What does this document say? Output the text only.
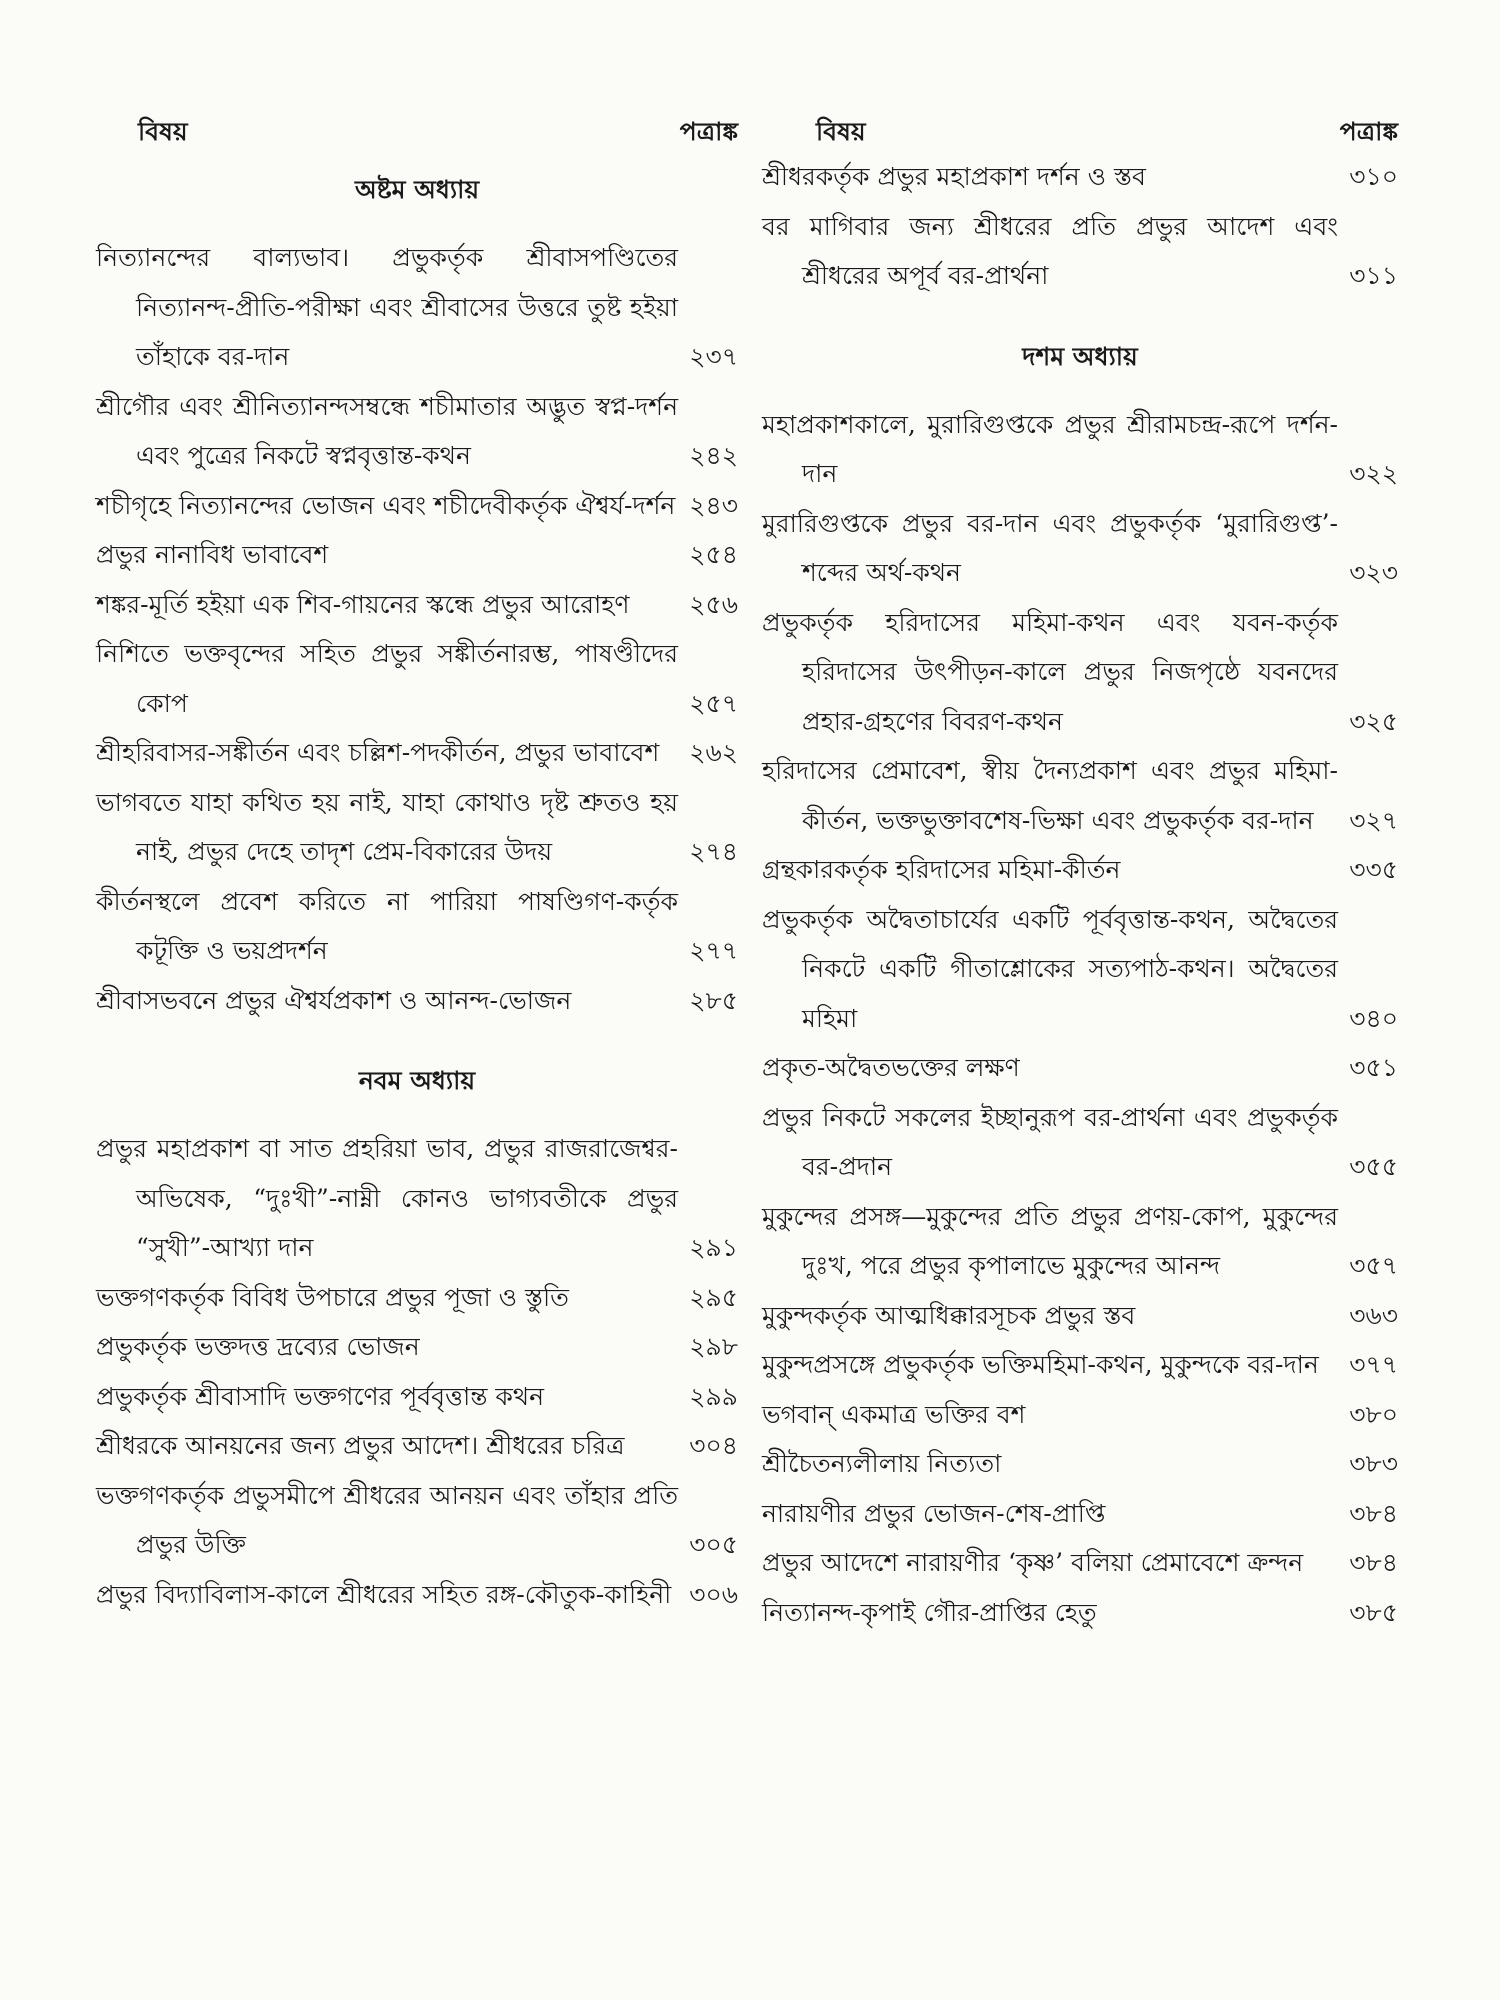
বিষয়	পত্রাঙ্ক
অষ্টম অধ্যায়
নিত্যানন্দের বাল্যভাব। প্রভুকর্তৃক শ্রীবাসপণ্ডিতের নিত্যানন্দ-প্রীতি-পরীক্ষা এবং শ্রীবাসের উত্তরে তুষ্ট হইয়া তাঁহাকে বর-দান	২৩৭
শ্রীগৌর এবং শ্রীনিত্যানন্দসম্বন্ধে শচীমাতার অদ্ভুত স্বপ্ন-দর্শন এবং পুত্রের নিকটে স্বপ্নবৃত্তান্ত-কথন	২৪২
শচীগৃহে নিত্যানন্দের ভোজন এবং শচীদেবীকর্তৃক ঐশ্বর্য-দর্শন ২৪৩
প্রভুর নানাবিধ ভাবাবেশ	২৫৪
শঙ্কর-মূর্তি হইয়া এক শিব-গায়নের স্কন্ধে প্রভুর আরোহণ	২৫৬
নিশিতে ভক্তবৃন্দের সহিত প্রভুর সঙ্কীর্তনারম্ভ, পাষণ্ডীদের কোপ	২৫৭
শ্রীহরিবাসর-সঙ্কীর্তন এবং চল্লিশ-পদকীর্তন, প্রভুর ভাবাবেশ	২৬২
ভাগবতে যাহা কথিত হয় নাই, যাহা কোথাও দৃষ্ট শ্রুতও হয় নাই, প্রভুর দেহে তাদৃশ প্রেম-বিকারের উদয়	২৭৪
কীর্তনস্থলে প্রবেশ করিতে না পারিয়া পাষণ্ডিগণ-কর্তৃক কটূক্তি ও ভয়প্রদর্শন	২৭৭
শ্রীবাসভবনে প্রভুর ঐশ্বর্যপ্রকাশ ও আনন্দ-ভোজন	২৮৫
নবম অধ্যায়
প্রভুর মহাপ্রকাশ বা সাত প্রহরিয়া ভাব, প্রভুর রাজরাজেশ্বর-অভিষেক, “দুঃখী”-নাম্নী কোনও ভাগ্যবতীকে প্রভুর “সুখী”-আখ্যা দান	২৯১
ভক্তগণকর্তৃক বিবিধ উপচারে প্রভুর পূজা ও স্তুতি	২৯৫
প্রভুকর্তৃক ভক্তদত্ত দ্রব্যের ভোজন	২৯৮
প্রভুকর্তৃক শ্রীবাসাদি ভক্তগণের পূর্ববৃত্তান্ত কথন	২৯৯
শ্রীধরকে আনয়নের জন্য প্রভুর আদেশ। শ্রীধরের চরিত্র	৩০৪
ভক্তগণকর্তৃক প্রভুসমীপে শ্রীধরের আনয়ন এবং তাঁহার প্রতি প্রভুর উক্তি	৩০৫
প্রভুর বিদ্যাবিলাস-কালে শ্রীধরের সহিত রঙ্গ-কৌতুক-কাহিনী ৩০৬
বিষয়	পত্রাঙ্ক
শ্রীধরকর্তৃক প্রভুর মহাপ্রকাশ দর্শন ও স্তব	৩১০
বর মাগিবার জন্য শ্রীধরের প্রতি প্রভুর আদেশ এবং শ্রীধরের অপূর্ব বর-প্রার্থনা	৩১১
দশম অধ্যায়
মহাপ্রকাশকালে, মুরারিগুপ্তকে প্রভুর শ্রীরামচন্দ্র-রূপে দর্শন-দান	৩২২
মুরারিগুপ্তকে প্রভুর বর-দান এবং প্রভুকর্তৃক ‘মুরারিগুপ্ত’-শব্দের অর্থ-কথন	৩২৩
প্রভুকর্তৃক হরিদাসের মহিমা-কথন এবং যবন-কর্তৃক হরিদাসের উৎপীড়ন-কালে প্রভুর নিজপৃষ্ঠে যবনদের প্রহার-গ্রহণের বিবরণ-কথন	৩২৫
হরিদাসের প্রেমাবেশ, স্বীয় দৈন্যপ্রকাশ এবং প্রভুর মহিমা-কীর্তন, ভক্তভুক্তাবশেষ-ভিক্ষা এবং প্রভুকর্তৃক বর-দান	৩২৭
গ্রন্থকারকর্তৃক হরিদাসের মহিমা-কীর্তন	৩৩৫
প্রভুকর্তৃক অদ্বৈতাচার্যের একটি পূর্ববৃত্তান্ত-কথন, অদ্বৈতের নিকটে একটি গীতাশ্লোকের সত্যপাঠ-কথন। অদ্বৈতের মহিমা	৩৪০
প্রকৃত-অদ্বৈতভক্তের লক্ষণ	৩৫১
প্রভুর নিকটে সকলের ইচ্ছানুরূপ বর-প্রার্থনা এবং প্রভুকর্তৃক বর-প্রদান	৩৫৫
মুকুন্দের প্রসঙ্গ—মুকুন্দের প্রতি প্রভুর প্রণয়-কোপ, মুকুন্দের দুঃখ, পরে প্রভুর কৃপালাভে মুকুন্দের আনন্দ	৩৫৭
মুকুন্দকর্তৃক আত্মধিক্কারসূচক প্রভুর স্তব	৩৬৩
মুকুন্দপ্রসঙ্গে প্রভুকর্তৃক ভক্তিমহিমা-কথন, মুকুন্দকে বর-দান	৩৭৭
ভগবান্ একমাত্র ভক্তির বশ	৩৮০
শ্রীচৈতন্যলীলায় নিত্যতা	৩৮৩
নারায়ণীর প্রভুর ভোজন-শেষ-প্রাপ্তি	৩৮৪
প্রভুর আদেশে নারায়ণীর ‘কৃষ্ণ’ বলিয়া প্রেমাবেশে ক্রন্দন	৩৮৪
নিত্যানন্দ-কৃপাই গৌর-প্রাপ্তির হেতু	৩৮৫
